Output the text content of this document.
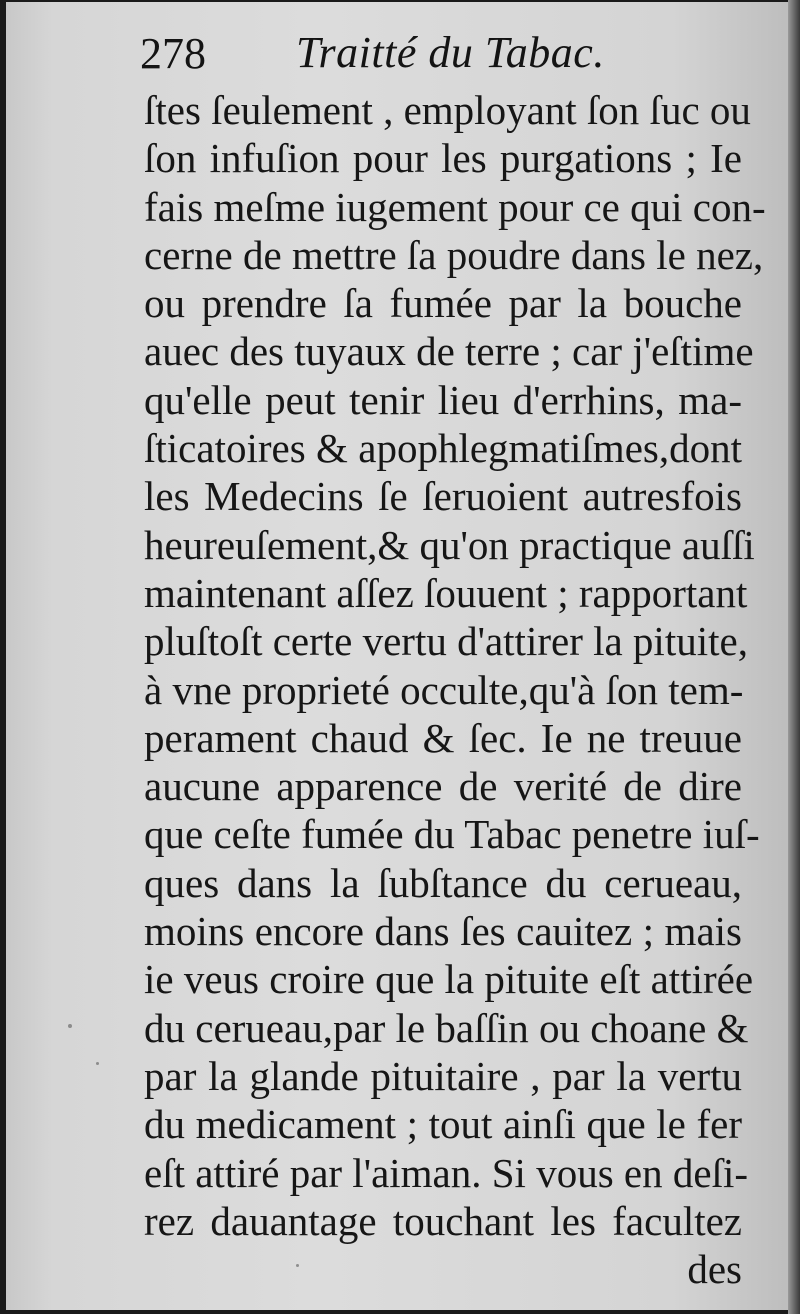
278 Traitté du Tabac.
ſtes ſeulement , employant ſon ſuc ou
ſon infuſion pour les purgations ; Ie
fais meſme iugement pour ce qui con-
cerne de mettre ſa poudre dans le nez,
ou prendre ſa fumée par la bouche
auec des tuyaux de terre ; car j'eſtime
qu'elle peut tenir lieu d'errhins, ma-
ſticatoires & apophlegmatiſmes,dont
les Medecins ſe ſeruoient autresfois
heureuſement,& qu'on practique auſſi
maintenant aſſez ſouuent ; rapportant
pluſtoſt certe vertu d'attirer la pituite,
à vne proprieté occulte,qu'à ſon tem-
perament chaud & ſec. Ie ne treuue
aucune apparence de verité de dire
que ceſte fumée du Tabac penetre iuſ-
ques dans la ſubſtance du cerueau,
moins encore dans ſes cauitez ; mais
ie veus croire que la pituite eſt attirée
du cerueau,par le baſſin ou choane &
par la glande pituitaire , par la vertu
du medicament ; tout ainſi que le fer
eſt attiré par l'aiman. Si vous en deſi-
rez dauantage touchant les facultez
des
